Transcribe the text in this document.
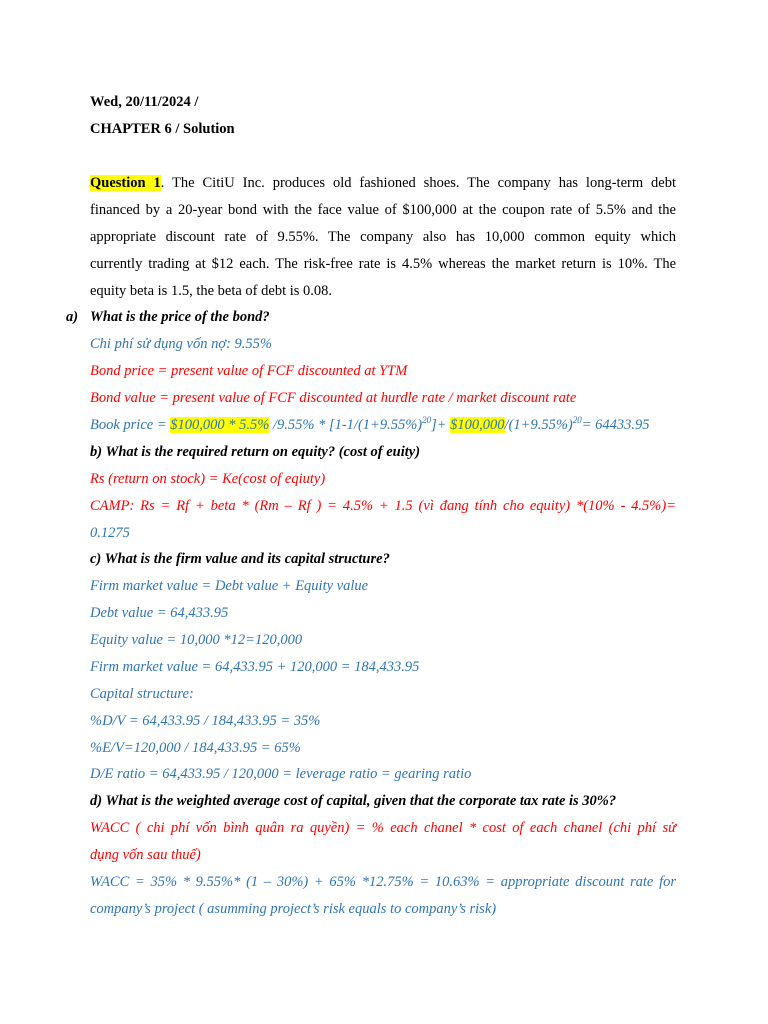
Wed, 20/11/2024 /
CHAPTER 6 / Solution
Question 1. The CitiU Inc. produces old fashioned shoes. The company has long-term debt
financed by a 20-year bond with the face value of $100,000 at the coupon rate of 5.5% and the
appropriate discount rate of 9.55%. The company also has 10,000 common equity which
currently trading at $12 each. The risk-free rate is 4.5% whereas the market return is 10%. The
equity beta is 1.5, the beta of debt is 0.08.
a) What is the price of the bond?
Chi phí sử dụng vốn nợ: 9.55%
Bond price = present value of FCF discounted at YTM
Bond value = present value of FCF discounted at hurdle rate / market discount rate
Book price = $100,000 * 5.5% $/9.55\% * [1-1/(1+9.55\%)^{20}]+$ $\$100,000/(1+9.55\%)^{20}= 64433.95$
b) What is the required return on equity? (cost of euity)
Rs (return on stock) = Ke(cost of eqiuty)
CAMP: Rs = Rf + beta * (Rm – Rf ) = 4.5% + 1.5 (vì đang tính cho equity) *(10% - 4.5%)=
0.1275
c) What is the firm value and its capital structure?
Firm market value = Debt value + Equity value
Debt value = 64,433.95
Equity value = 10,000 *12=120,000
Firm market value = 64,433.95 + 120,000 = 184,433.95
Capital structure:
%D/V = 64,433.95 / 184,433.95 = 35%
%E/V=120,000 / 184,433.95 = 65%
D/E ratio = 64,433.95 / 120,000 = leverage ratio = gearing ratio
d) What is the weighted average cost of capital, given that the corporate tax rate is 30%?
WACC ( chi phí vốn bình quân ra quyền) = % each chanel * cost of each chanel (chi phí sử
dụng vốn sau thuế)
WACC = 35% * 9.55%* (1 – 30%) + 65% *12.75% = 10.63% = appropriate discount rate for
company’s project ( asumming project’s risk equals to company’s risk)
